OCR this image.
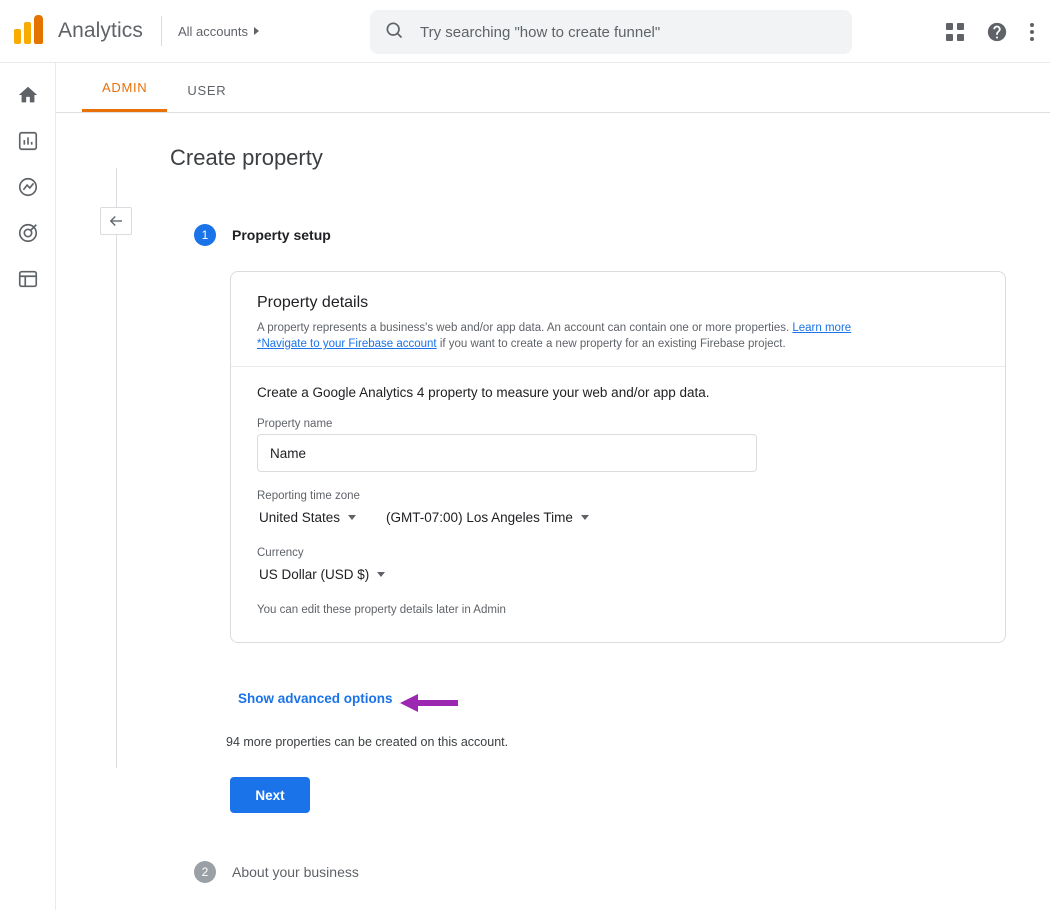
Analytics	All accounts
Try searching "how to create funnel"
ADMIN	USER
Create property
1	Property setup
Property details

A property represents a business's web and/or app data. An account can contain one or more properties. Learn more
*Navigate to your Firebase account if you want to create a new property for an existing Firebase project.

Create a Google Analytics 4 property to measure your web and/or app data.

Property name
Name
Reporting time zone
United States	(GMT-07:00) Los Angeles Time
Currency
US Dollar (USD $)
You can edit these property details later in Admin
Show advanced options
94 more properties can be created on this account.
Next
2	About your business
